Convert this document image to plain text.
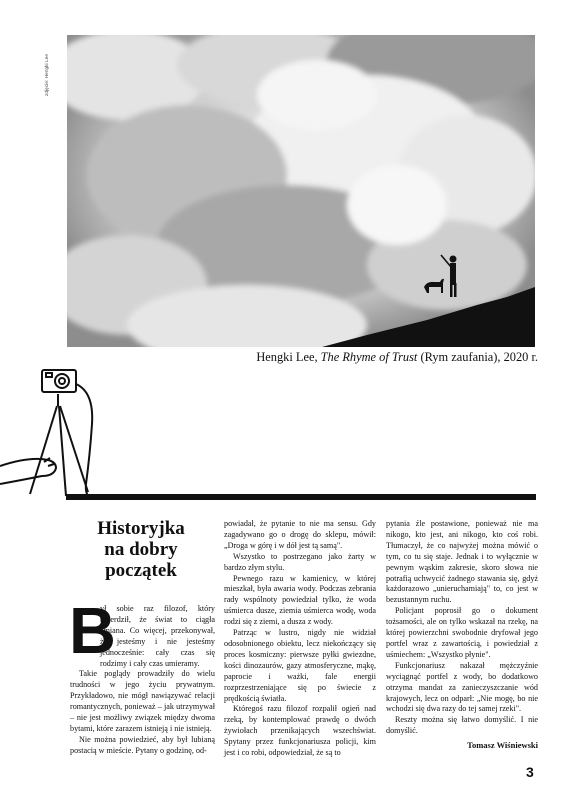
zdjęcie: Hengki Lee
Hengki Lee, The Rhyme of Trust (Rym zaufania), 2020 r.
Historyjka
na dobry
początek

B
ył sobie raz filozof, który twierdził, że świat to ciągła zmiana. Co więcej, przekonywał, że jesteśmy i nie jesteśmy jednocześnie: cały czas się rodzimy i cały czas umieramy.

Takie poglądy prowadziły do wielu trudności w jego życiu prywatnym. Przykładowo, nie mógł nawiązywać relacji romantycznych, ponieważ – jak utrzymywał – nie jest możliwy związek między dwoma bytami, które zarazem istnieją i nie istnieją.

Nie można powiedzieć, aby był lubianą postacią w mieście. Pytany o godzinę, od-

powiadał, że pytanie to nie ma sensu. Gdy zagadywano go o drogę do sklepu, mówił: „Droga w górę i w dół jest tą samą".

Wszystko to postrzegano jako żarty w bardzo złym stylu.

Pewnego razu w kamienicy, w której mieszkał, była awaria wody. Podczas zebrania rady wspólnoty powiedział tylko, że woda uśmierca dusze, ziemia uśmierca wodę, woda rodzi się z ziemi, a dusza z wody.

Patrząc w lustro, nigdy nie widział odosobnionego obiektu, lecz niekończący się proces kosmiczny: pierwsze pyłki gwiezdne, kości dinozaurów, gazy atmosferyczne, mąkę, paprocie i ważki, fale energii rozprzestrzeniające się po świecie z prędkością światła.

Któregoś razu filozof rozpalił ogień nad rzeką, by kontemplować prawdę o dwóch żywiołach przenikających wszechświat. Spytany przez funkcjonariusza policji, kim jest i co robi, odpowiedział, że są to

pytania źle postawione, ponieważ nie ma nikogo, kto jest, ani nikogo, kto coś robi. Tłumaczył, że co najwyżej można mówić o tym, co tu się staje. Jednak i to wyłącznie w pewnym wąskim zakresie, skoro słowa nie potrafią uchwycić żadnego stawania się, gdyż każdorazowo „unieruchamiają" to, co jest w bezustannym ruchu.

Policjant poprosił go o dokument tożsamości, ale on tylko wskazał na rzekę, na której powierzchni swobodnie dryfował jego portfel wraz z zawartością, i powiedział z uśmiechem: „Wszystko płynie".

Funkcjonariusz nakazał mężczyźnie wyciągnąć portfel z wody, bo dodatkowo otrzyma mandat za zanieczyszczanie wód krajowych, lecz on odparł: „Nie mogę, bo nie wchodzi się dwa razy do tej samej rzeki".

Reszty można się łatwo domyślić. I nie domyślić.

Tomasz Wiśniewski
3
